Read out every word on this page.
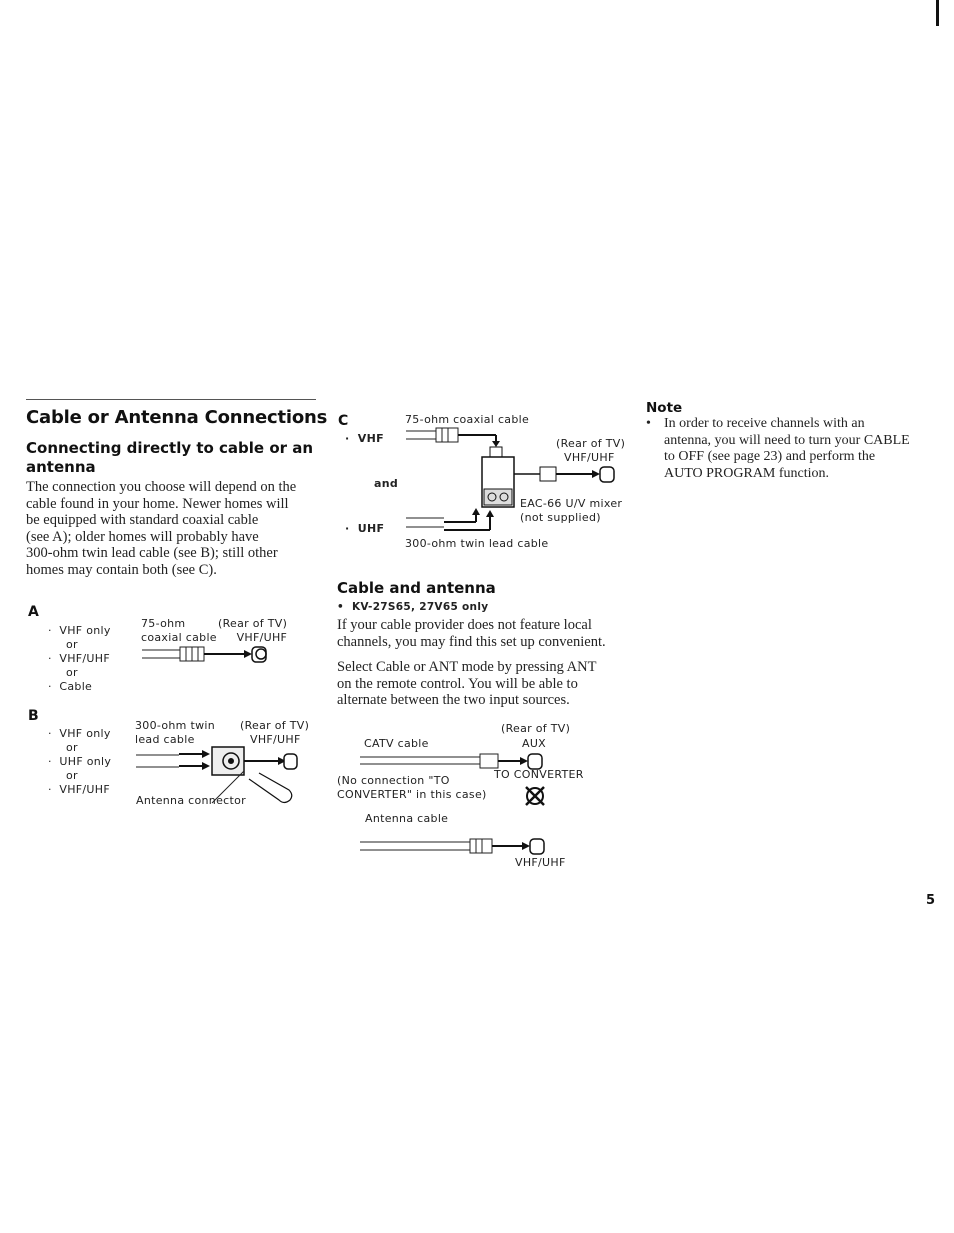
Cable or Antenna Connections
Connecting directly to cable or an antenna
The connection you choose will depend on the
cable found in your home. Newer homes will
be equipped with standard coaxial cable
(see A); older homes will probably have
300-ohm twin lead cable (see B); still other
homes may contain both (see C).
A
·  VHF only
or
·  VHF/UHF
or
·  Cable
75-ohm
coaxial cable
(Rear of TV)
VHF/UHF
B
·  VHF only
or
·  UHF only
or
·  VHF/UHF
300-ohm twin
lead cable
(Rear of TV)
VHF/UHF
Antenna connector
C	75-ohm coaxial cable
·  VHF
and
·  UHF
300-ohm twin lead cable
(Rear of TV)
VHF/UHF
EAC-66 U/V mixer
(not supplied)
Cable and antenna
•  KV-27S65, 27V65 only
If your cable provider does not feature local
channels, you may find this set up convenient.
Select Cable or ANT mode by pressing ANT
on the remote control. You will be able to
alternate between the two input sources.
(Rear of TV)
CATV cable	AUX
TO CONVERTER
(No connection "TO
CONVERTER" in this case)
Antenna cable
VHF/UHF
Note
• In order to receive channels with an
antenna, you will need to turn your CABLE
to OFF (see page 23) and perform the
AUTO PROGRAM function.
5
